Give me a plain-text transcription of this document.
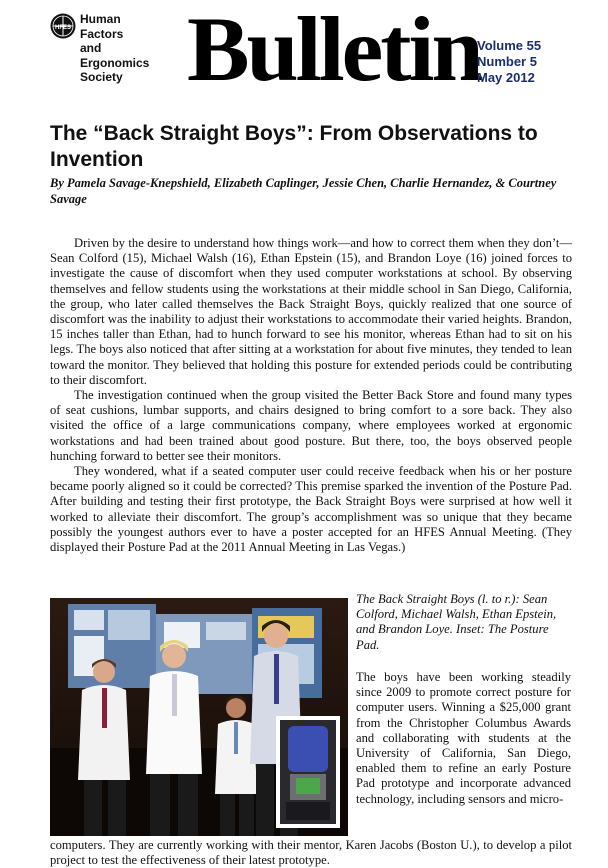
HFES
Human
Factors
and
Ergonomics
Society Bulletin
Volume 55
Number 5
May 2012
The “Back Straight Boys”: From Observations to Invention
By Pamela Savage-Knepshield, Elizabeth Caplinger, Jessie Chen, Charlie Hernandez, & Courtney Savage

Driven by the desire to understand how things work—and how to correct them when they don’t—Sean Colford (15), Michael Walsh (16), Ethan Epstein (15), and Brandon Loye (16) joined forces to investigate the cause of discomfort when they used computer workstations at school. By observing themselves and fellow students using the workstations at their middle school in San Diego, California, the group, who later called themselves the Back Straight Boys, quickly realized that one source of discomfort was the inability to adjust their workstations to accommodate their varied heights. Brandon, 15 inches taller than Ethan, had to hunch forward to see his monitor, whereas Ethan had to sit on his legs. The boys also noticed that after sitting at a workstation for about five minutes, they tended to lean toward the monitor. They believed that holding this posture for extended periods could be contributing to their discomfort.

The investigation continued when the group visited the Better Back Store and found many types of seat cushions, lumbar supports, and chairs designed to bring comfort to a sore back. They also visited the office of a large communications company, where employees worked at ergonomic workstations and had been trained about good posture. But there, too, the boys observed people hunching forward to better see their monitors.

They wondered, what if a seated computer user could receive feedback when his or her posture became poorly aligned so it could be corrected? This premise sparked the invention of the Posture Pad. After building and testing their first prototype, the Back Straight Boys were surprised at how well it worked to alleviate their discomfort. The group’s accomplishment was so unique that they became possibly the youngest authors ever to have a poster accepted for an HFES Annual Meeting. (They displayed their Posture Pad at the 2011 Annual Meeting in Las Vegas.)

The Back Straight Boys (l. to r.): Sean Colford, Michael Walsh, Ethan Epstein, and Brandon Loye. Inset: The Posture Pad.
The boys have been working steadily since 2009 to promote correct posture for computer users. Winning a $25,000 grant from the Christopher Columbus Awards and collaborating with students at the University of California, San Diego, enabled them to refine an early Posture Pad prototype and incorporate advanced technology, including sensors and micro-
computers. They are currently working with their mentor, Karen Jacobs (Boston U.), to develop a pilot project to test the effectiveness of their latest prototype.
